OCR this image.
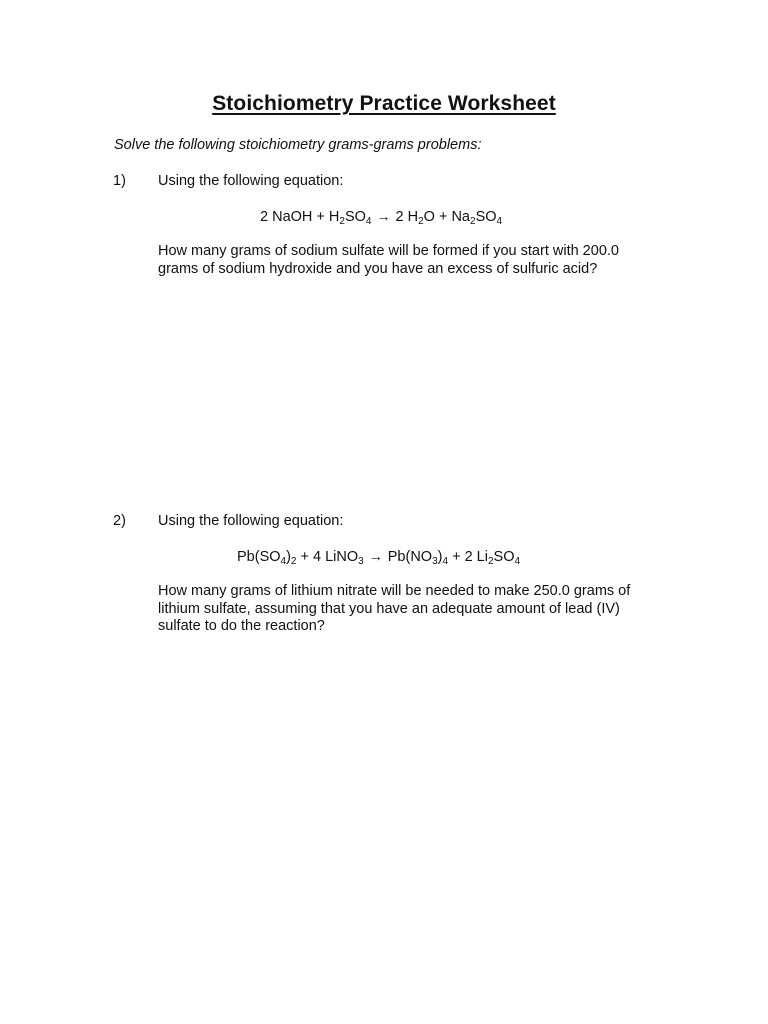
Stoichiometry Practice Worksheet
Solve the following stoichiometry grams-grams problems:
1) Using the following equation:
2 NaOH + $H_2SO_4 \to 2$ $H_2O + Na_2SO_4$
How many grams of sodium sulfate will be formed if you start with 200.0
grams of sodium hydroxide and you have an excess of sulfuric acid?
2) Using the following equation:
$Pb(SO_4)_2 + 4$ LiNO$_3$ → $Pb(NO_3)_4 + 2$ $Li_2SO_4$
How many grams of lithium nitrate will be needed to make 250.0 grams of
lithium sulfate, assuming that you have an adequate amount of lead (IV)
sulfate to do the reaction?
